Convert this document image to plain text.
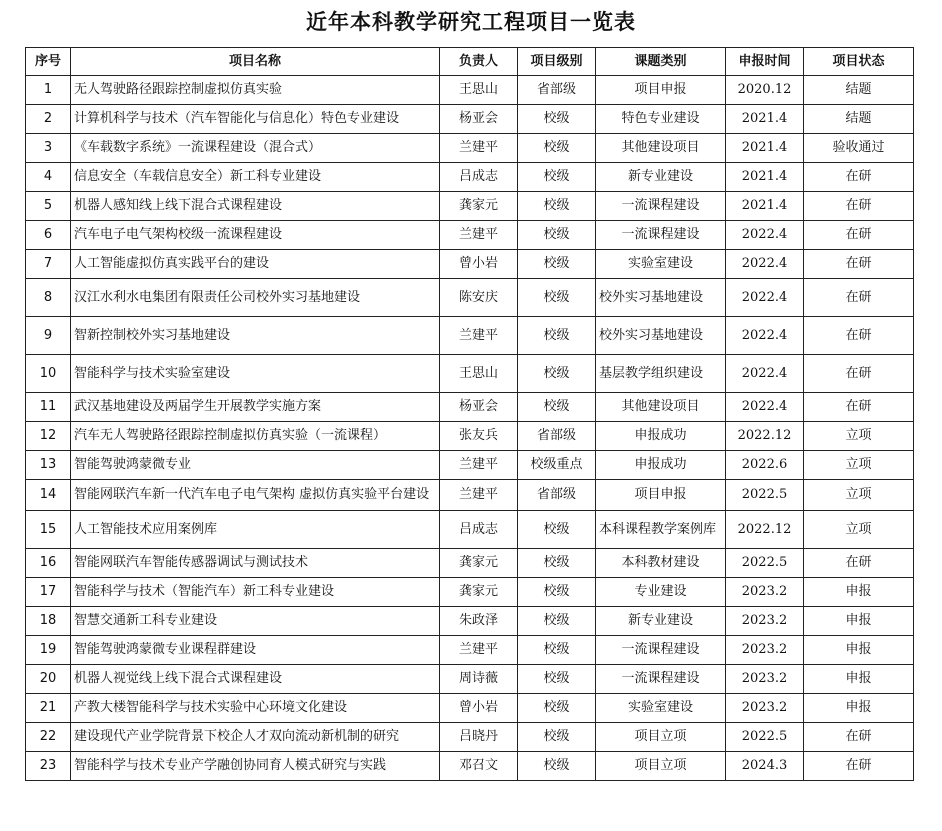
近年本科教学研究工程项目一览表
序号	项目名称	负责人	项目级别	课题类别	申报时间	项目状态
1	无人驾驶路径跟踪控制虚拟仿真实验	王思山	省部级	项目申报	2020.12	结题
2	计算机科学与技术（汽车智能化与信息化）特色专业建设	杨亚会	校级	特色专业建设	2021.4	结题
3	《车载数字系统》一流课程建设（混合式）	兰建平	校级	其他建设项目	2021.4	验收通过
4	信息安全（车载信息安全）新工科专业建设	吕成志	校级	新专业建设	2021.4	在研
5	机器人感知线上线下混合式课程建设	龚家元	校级	一流课程建设	2021.4	在研
6	汽车电子电气架构校级一流课程建设	兰建平	校级	一流课程建设	2022.4	在研
7	人工智能虚拟仿真实践平台的建设	曾小岩	校级	实验室建设	2022.4	在研
8	汉江水利水电集团有限责任公司校外实习基地建设	陈安庆	校级	校外实习基地建设	2022.4	在研
9	智新控制校外实习基地建设	兰建平	校级	校外实习基地建设	2022.4	在研
10	智能科学与技术实验室建设	王思山	校级	基层教学组织建设	2022.4	在研
11	武汉基地建设及两届学生开展教学实施方案	杨亚会	校级	其他建设项目	2022.4	在研
12	汽车无人驾驶路径跟踪控制虚拟仿真实验（一流课程）	张友兵	省部级	申报成功	2022.12	立项
13	智能驾驶鸿蒙微专业	兰建平	校级重点	申报成功	2022.6	立项
14	智能网联汽车新一代汽车电子电气架构 虚拟仿真实验平台建设	兰建平	省部级	项目申报	2022.5	立项
15	人工智能技术应用案例库	吕成志	校级	本科课程教学案例库	2022.12	立项
16	智能网联汽车智能传感器调试与测试技术	龚家元	校级	本科教材建设	2022.5	在研
17	智能科学与技术（智能汽车）新工科专业建设	龚家元	校级	专业建设	2023.2	申报
18	智慧交通新工科专业建设	朱政泽	校级	新专业建设	2023.2	申报
19	智能驾驶鸿蒙微专业课程群建设	兰建平	校级	一流课程建设	2023.2	申报
20	机器人视觉线上线下混合式课程建设	周诗薇	校级	一流课程建设	2023.2	申报
21	产教大楼智能科学与技术实验中心环境文化建设	曾小岩	校级	实验室建设	2023.2	申报
22	建设现代产业学院背景下校企人才双向流动新机制的研究	吕晓丹	校级	项目立项	2022.5	在研
23	智能科学与技术专业产学融创协同育人模式研究与实践	邓召文	校级	项目立项	2024.3	在研
